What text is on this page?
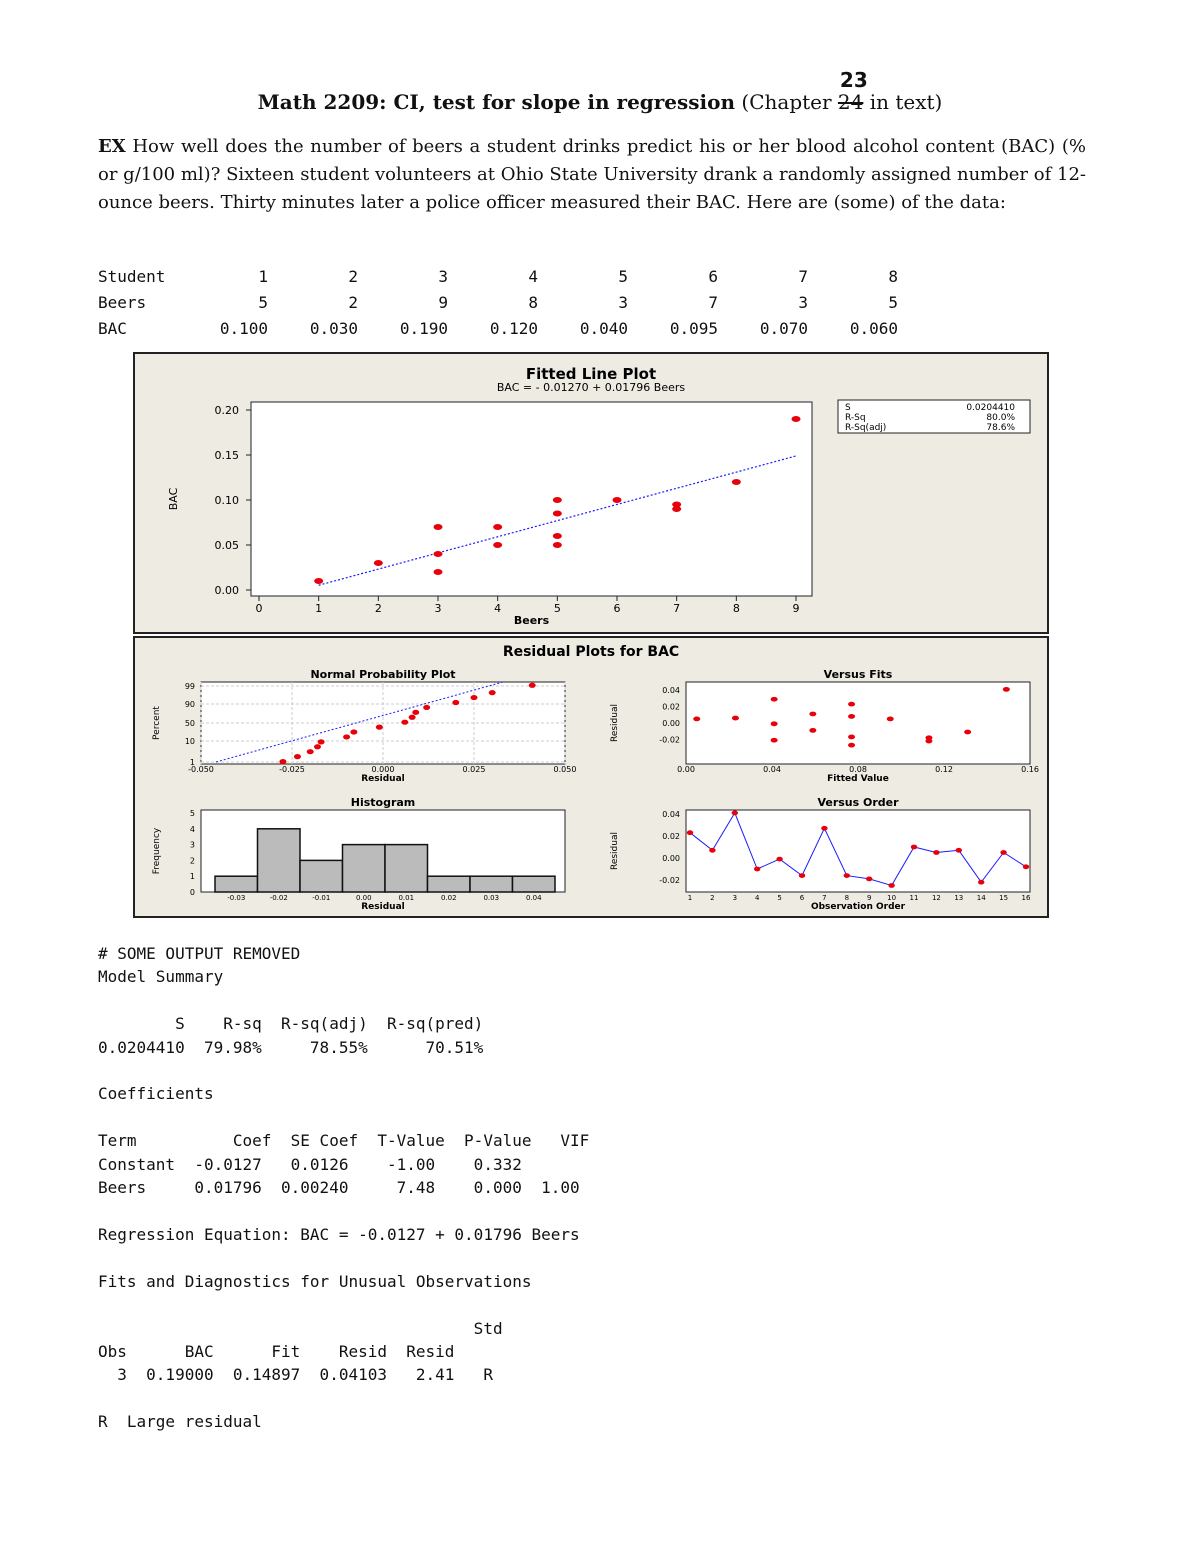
Math 2209: CI, test for slope in regression (Chapter 24
23
in text)
EX How well does the number of beers a student drinks predict his or her blood alcohol content (BAC) (% or g/100 ml)? Sixteen student volunteers at Ohio State University drank a randomly assigned number of 12-ounce beers. Thirty minutes later a police officer measured their BAC. Here are (some) of the data:
Student	1	2	3	4	5	6	7	8
Beers	5	2	9	8	3	7	3	5
BAC	0.100	0.030	0.190	0.120	0.040	0.095	0.070	0.060
Fitted Line Plot
BAC = - 0.01270 + 0.01796 Beers
S	0.0204410
R-Sq	80.0%
R-Sq(adj)	78.6%
0.00
0.05
0.10
0.15
0.20
0	1	2	3	4	5	6	7	8	9
Beers
BAC
Residual Plots for BAC
Normal Probability Plot
1
10
50
90
99
-0.050	-0.025	0.000	0.025	0.050
Residual
Percent
Versus Fits
-0.02
0.00
0.02
0.04
0.00	0.04	0.08	0.12	0.16
Fitted Value
Residual
Histogram
0
1
2
3
4
5
-0.03	-0.02	-0.01	0.00	0.01	0.02	0.03	0.04
Residual
Frequency
Versus Order
-0.02
0.00
0.02
0.04
1	2	3	4	5	6	7	8	9 10 11 12 13 14 15 16
Observation Order
Residual
# SOME OUTPUT REMOVED
Model Summary

S    R-sq  R-sq(adj)  R-sq(pred)
0.0204410  79.98%     78.55%      70.51%

Coefficients

Term          Coef  SE Coef  T-Value  P-Value   VIF
Constant  -0.0127   0.0126    -1.00    0.332
Beers     0.01796  0.00240     7.48    0.000  1.00

Regression Equation: BAC = -0.0127 + 0.01796 Beers

Fits and Diagnostics for Unusual Observations

Std
Obs      BAC      Fit    Resid  Resid
3  0.19000  0.14897  0.04103   2.41   R

R  Large residual
